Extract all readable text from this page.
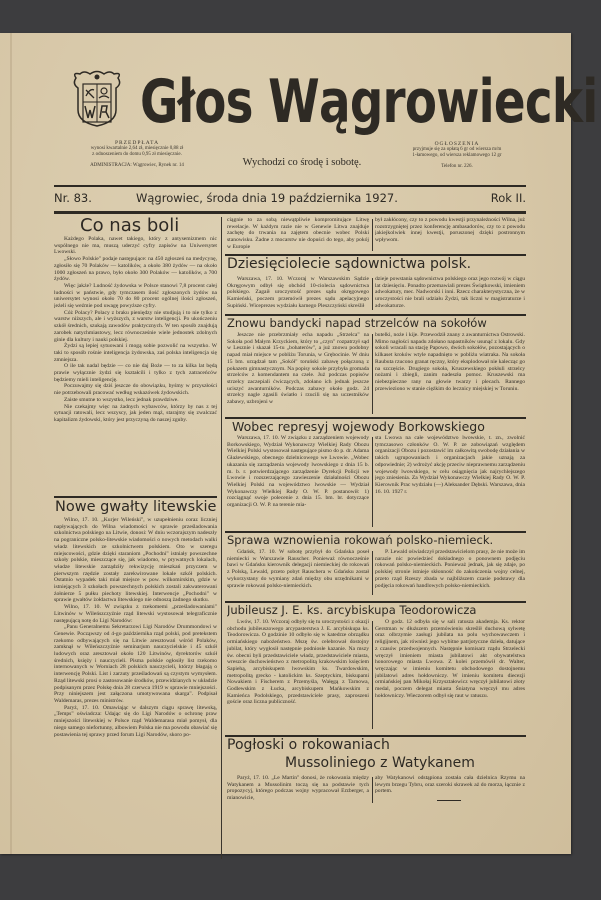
Głos Wągrowiecki
PRZEDPŁATA
wynosi kwartalnie 2,64 zł, miesięcznie 0,88 zł
z odnoszeniem do domu 0,95 zł miesięcznie.
ADMINISTRACJA: Wągrowiec, Rynek nr. 14	Wychodzi co środę i sobotę.
OGŁOSZENIA
przyjmuje się za opłatą 6 gr od wiersza m/m
1-łamowego, od wiersza reklamowego 12 gr
Telefon nr. 226.
Nr. 83.	Wągrowiec, środa dnia 19 października 1927.	Rok II.
Co nas boli

Każdego Polaka, nawet takiego, który z antysemizmem nic wspólnego nie ma, muszą uderzyć cyfry zapisów na Uniwersytet Lwowski.

„Słowo Polskie" podaje następujące: na 450 zgłoszeń na medycynę, zgłosiło się 70 Polaków — katolików, a około 380 żydów — na około 1000 zgłoszeń na prawo, było około 300 Polaków — katolików, a 700 żydów.

Więc jakże? Ludność żydowska w Polsce stanowi 7,8 procent całej ludności w państwie, gdy tymczasem ilość zgłoszonych żydów na uniwersytet wynosi około 70 do 80 procent ogólnej ilości zgłoszeń, jeżeli się weźmie pod uwagę powyższe cyfry.

Cóż Polacy? Polacy z braku pieniędzy nie studjują i to nie tylko z warstw niższych, ale i wyższych, z warstw inteligencji. Po ukończeniu szkół średnich, szukają zawodów praktycznych. W ten sposób znajdują zarobek natychmiastowy, lecz równocześnie wiele jednostek zdolnych ginie dla kultury i nauki polskiej.

Żydzi są lepiej sytuowani i mogą sobie pozwolić na wszystko. W taki to sposób rośnie inteligencja żydowska, zaś polska inteligencja się zmniejsza.

O ile tak nadal będzie — co nie daj Boże — to za kilka lat będą prawie wyłącznie żydzi się kształcili i tylko z tych zatraceńców będziemy mieli inteligencję.

Poczuwajmy się dziś jeszcze do obowiązku, byśmy w przyszłości nie potrzebowali pracować według wskazówek żydowskich.

Zaiste smutne to wszystko, lecz jednak prawdziwe.

Nie czekajmy więc na żadnych wybawców, którzy by nas z tej sytuacji ratowali, lecz wszyscy, jak jeden mąż, starajmy się zwalczać kapitalizm żydowski, który jest przyczyną do naszej zguby.

Nowe gwałty litewskie

Wilno, 17. 10. „Kurjer Wileński", w uzupełnieniu coraz liczniej napływających do Wilna wiadomości w sprawie prześladowania szkolnictwa polskiego na Litwie, donosi: W dniu wczorajszym nadeszły na pograniczne polsko-litewskie wiadomości o nowych metodach walki władz litewskich ze szkolnictwem polskiem. Oto w szeregu miejscowości, gdzie dzięki staraniom „Pochodni" istniały powszechne szkoły polskie, mieszczące się, jak wiadomo, w prywatnych lokalach, władze litewskie zarządziły rekwizycję mieszkań przyczem w pierwszym rzędzie zostały zarekwirowane lokale szkół polskich. Ostatnio wypadek taki miał miejsce w pow. wilkomirskim, gdzie w istniejących 3 szkołach powszechnych polskich zostali zakwaterowani żołnierze 5 pułku piechoty litewskiej. Interwencje „Pochodni" w sprawie gwałtów żołdactwa litewskiego nie odnoszą żadnego skutku.

Wilno, 17. 10. W związku z rzekomemi „prześladowaniami" Litwinów w Wileńszczyźnie rząd litewski wystosował telegraficznie następującą notę do Ligi Narodów:

„Panu Generalnemu Sekretarzowi Ligi Narodów Drummondowi w Genewie. Począwszy od 4-go października rząd polski, pod pretekstem rzekomo odbywających się na Litwie aresztowań wśród Polaków, zamknął w Wileńszczyźnie seminarjum nauczycielskie i 45 szkół ludowych oraz aresztował około 120 Litwinów, dyrektorów szkół średnich, księży i nauczycieli. Pisma polskie ogłosiły list rzekomo internowanych w Worniach 28 polskich nauczycieli, którzy błagają o interwencję Polski. List i zarzuty prześladowań są czystym wymysłem. Rząd litewski prosi o zastosowanie środków, przewidzianych w układzie podpisanym przez Polskę dnia 28 czerwca 1919 w sprawie mniejszości. Przy niniejszem jest załączona umotywowana skarga". Podpisał Waldemaras, prezes ministrów.

Paryż, 17. 10. Omawiając w dalszym ciągu sprawę litewską, „Temps" oświadcza: Udając się do Ligi Narodów o ochronę praw mniejszości litewskiej w Polsce rząd Waldemarasa miał pomysł, dla niego samego niefortunny, albowiem Polska nie ma powodu obawiać się postawienia tej sprawy przed forum Ligi Narodów, skoro po-

ciągnie to za sobą niewątpliwie kompromitujące Litwę rewelacje. W każdym razie nie w Genewie Litwa znajduje zachętę do trwania na zajętem obecnie wobec Polski stanowisku. Żadne z mocarstw nie dopuści do tego, aby pokój w Europie

był zakłócony, czy to z powodu kwestji przynależności Wilna, już rozstrzygniętej przez konferencję ambasadorów, czy to z powodu jakiejkolwiek innej kwestji, poruszonej dzięki postronnym wpływom.

Dziesięciolecie sądownictwa polsk.

Warszawa, 17. 10. Wczoraj w Warszawskim Sądzie Okręgowym odbył się obchód 10-ciolecia sądownictwa polskiego. Zagaił uroczystość prezes sądu okręgowego Kamieński, poczem przemówił prezes sądu apelacyjnego Supiński. Wiceprezes wydziału karnego Pleszczyński skreślił

dzieje powstania sądownictwa polskiego oraz jego rozwój w ciągu lat dziesięciu. Ponadto przemawiali prezes Świątkowski, imieniem adwokatury, mec. Nadworski i inni. Rzecz charakterystyczna, że w uroczystości nie brali udziału Żydzi, tak liczni w magistraturze i adwokaturze.

Znowu bandycki napad strzelców na sokołów

Jeszcze nie przebrzmiały echa napadu „Strzelca" na Sokoła pod Małym Krzyckiem, który to „czyn" rozpatrzył sąd w Lesznie i skazał 15-tu „bohaterów", a już znowu podobny napad miał miejsce w pobliżu Torunia, w Grębocinie. W dniu 15 bm. urządzał tam „Sokół" toruński zabawę połączoną z pokazem gimnastycznym. Na popisy sokole przybyła gromada strzelców z komendantem na czele. Już podczas popisów strzelcy zaczepiali ćwiczących, zdołano ich jednak jeszcze uciszyć awanturników. Podczas zabawy około godz. 24 strzelcy nagle zgasili światło i rzucili się na uczestników zabawy, uzbrojeni w

butelki, noże i kije. Przewodził znany z awanturnictwa Ostrowski. Mimo nagłości napadu zdołano napastników usunąć z lokalu. Gdy sokoli wracali na stację Papowo, dwóch sokołów, pozostających o kilkaset kroków wtyle napadnięto w pobliżu wiatraka. Na sokoła Raubuta rzucono granat ręczny, który eksplodował nie kalecząc go na szczęście. Drugiego sokoła, Kruszewskiego pokłuli strzelcy nożami i zbiegli, zanim nadeszła pomoc. Kruszewski ma niebezpieczne rany na głowie twarzy i plecach. Rannego przewieziono w stanie ciężkim do lecznicy miejskiej w Toruniu.

Wobec represyj wojewody Borkowskiego

Warszawa, 17. 10. W związku z zarządzeniem wojewody Borkowskiego, Wydział Wykonawczy Wielkiej Rady Obozu Wielkiej Polski wystosował następujące pismo do p. dr. Adama Głażewskiego, obecnego dzielnicowego we Lwowie. „Wobec ukazania się zarządzenia wojewody lwowskiego z dnia 15 b. m. b. r. potwierdzającego zarządzenie Dyrekcji Policji we Lwowie i rozszerzającego zawieszenie działalności Obozu Wielkiej Polski na województwo lwowskie — Wydział Wykonawczy Wielkiej Rady O. W. P. postanowił: 1) rozciągnąć swoje polecenie z dnia 15. bm. br. dotyczące organizacji O. W. P. na terenie mia-

sta Lwowa na całe województwo lwowskie, t. zn., zwolnić tymczasowo członków O. W. P. ze zobowiązań względem organizacji Obozu i pozostawić im całkowitą swobodę działania w takich ugrupowaniach i organizacjach jakie uznają za odpowiednie; 2) wdrożyć akcję przeciw nieprawnemu zarządzeniu wojewody lwowskiego, w celu osiągnięcia jak najrychlejszego jego zniesienia. Za Wydział Wykonawczy Wielkiej Rady O. W. P. Kierownik Prac wydziału (—) Aleksander Dębski. Warszawa, dnia 16. 10. 1927 r.

Sprawa wznowienia rokowań polsko-niemieck.

Gdańsk, 17. 10. W sobotę przybył do Gdańska poseł niemiecki w Warszawie Rauscher. Ponieważ równocześnie bawi w Gdańsku kierownik delegacji niemieckiej do rokowań z Polską, Lewald, przeto pobyt Rauschera w Gdańsku został wykorzystany do wymiany zdań między obu urzędnikami w sprawie rokowań polsko-niemieckich.

P. Lewald oświadczył przedstawicielom prasy, że nie może im narazie nic powiedzieć dokładnego o ponownem podjęciu rokowań polsko-niemieckich. Ponieważ jednak, jak się zdaje, po polskiej stronie istnieje skłonność do zakończenia wojny celnej, przeto rząd Rzeszy zbada w najbliższem czasie podstawy dla podjęcia rokowań handlowych polsko-niemieckich.

Jubileusz J. E. ks. arcybiskupa Teodorowicza

Lwów, 17. 10. Wczoraj odbyły się tu uroczystości z okazji obchodu jubileuszowego arcypasterstwa J. E. arcybiskupa ks. Teodorowicza. O godzinie 10 odbyło się w katedrze obrządku ormiańskiego nabożeństwo. Mszę św. celebrował dostojny jubilat, który wygłosił następnie podniosłe kazanie. Na mszy św. obecni byli przedstawiciele władz, przedstawiciele miasta, wreszcie duchowieństwo z metropolitą krakowskim księciem Sapiehą, arcybiskupem lwowskim ks. Twardowskim, metropolitą grecko - katolickim ks. Szeptyckim, biskupami Nowakiem i Fischerem z Przemyśla, Wałęgą z Tarnowa, Godlewskim z Łucka, arcybiskupem Mańkowskim z Kamieńca Podolskiego, przedstawiciele prasy, zaproszeni goście oraz liczna publiczność.

O godz. 12 odbyła się w sali ratusza akademja. Ks. rektor Gerstman w dłuższem przemówieniu skreślił duchową sylwetę oraz olbrzymie zasługi jubilata na polu wychowawczem i religijnem, jak również jego wybitne patrjotyczne dzieła, datujące z czasów przedwojennych. Następnie komisarz rządu Strzelecki wręczył imieniem miasta jubilatowi akt obywatelstwa honorowego miasta Lwowa. Z kolei przemówił dr. Walter, wręczając w imieniu komitetu obchodowego dostojnemu jubilatowi adres hołdowniczy. W imieniu komitetu diecezji ormiańskiej pan Mikołaj Krzyształowicz wręczył jubilatowi złoty medal, poczem delegat miasta Śniatyna wręczył mu adres hołdowniczy. Wieczorem odbył się raut w ratuszu.

Pogłoski o rokowaniach
Mussoliniego z Watykanem

Paryż, 17. 10. „Le Martin" donosi, że rokowania między Watykanem a Mussolinim toczą się na podstawie tych propozycyj, którego podczas wojny wypracował Erzberger, a mianowicie,

aby Watykanowi odstąpiona została cała dzielnica Rzymu na lewym brzegu Tybru, oraz szeroki skrawek aż do morza, łącznie z portem.
